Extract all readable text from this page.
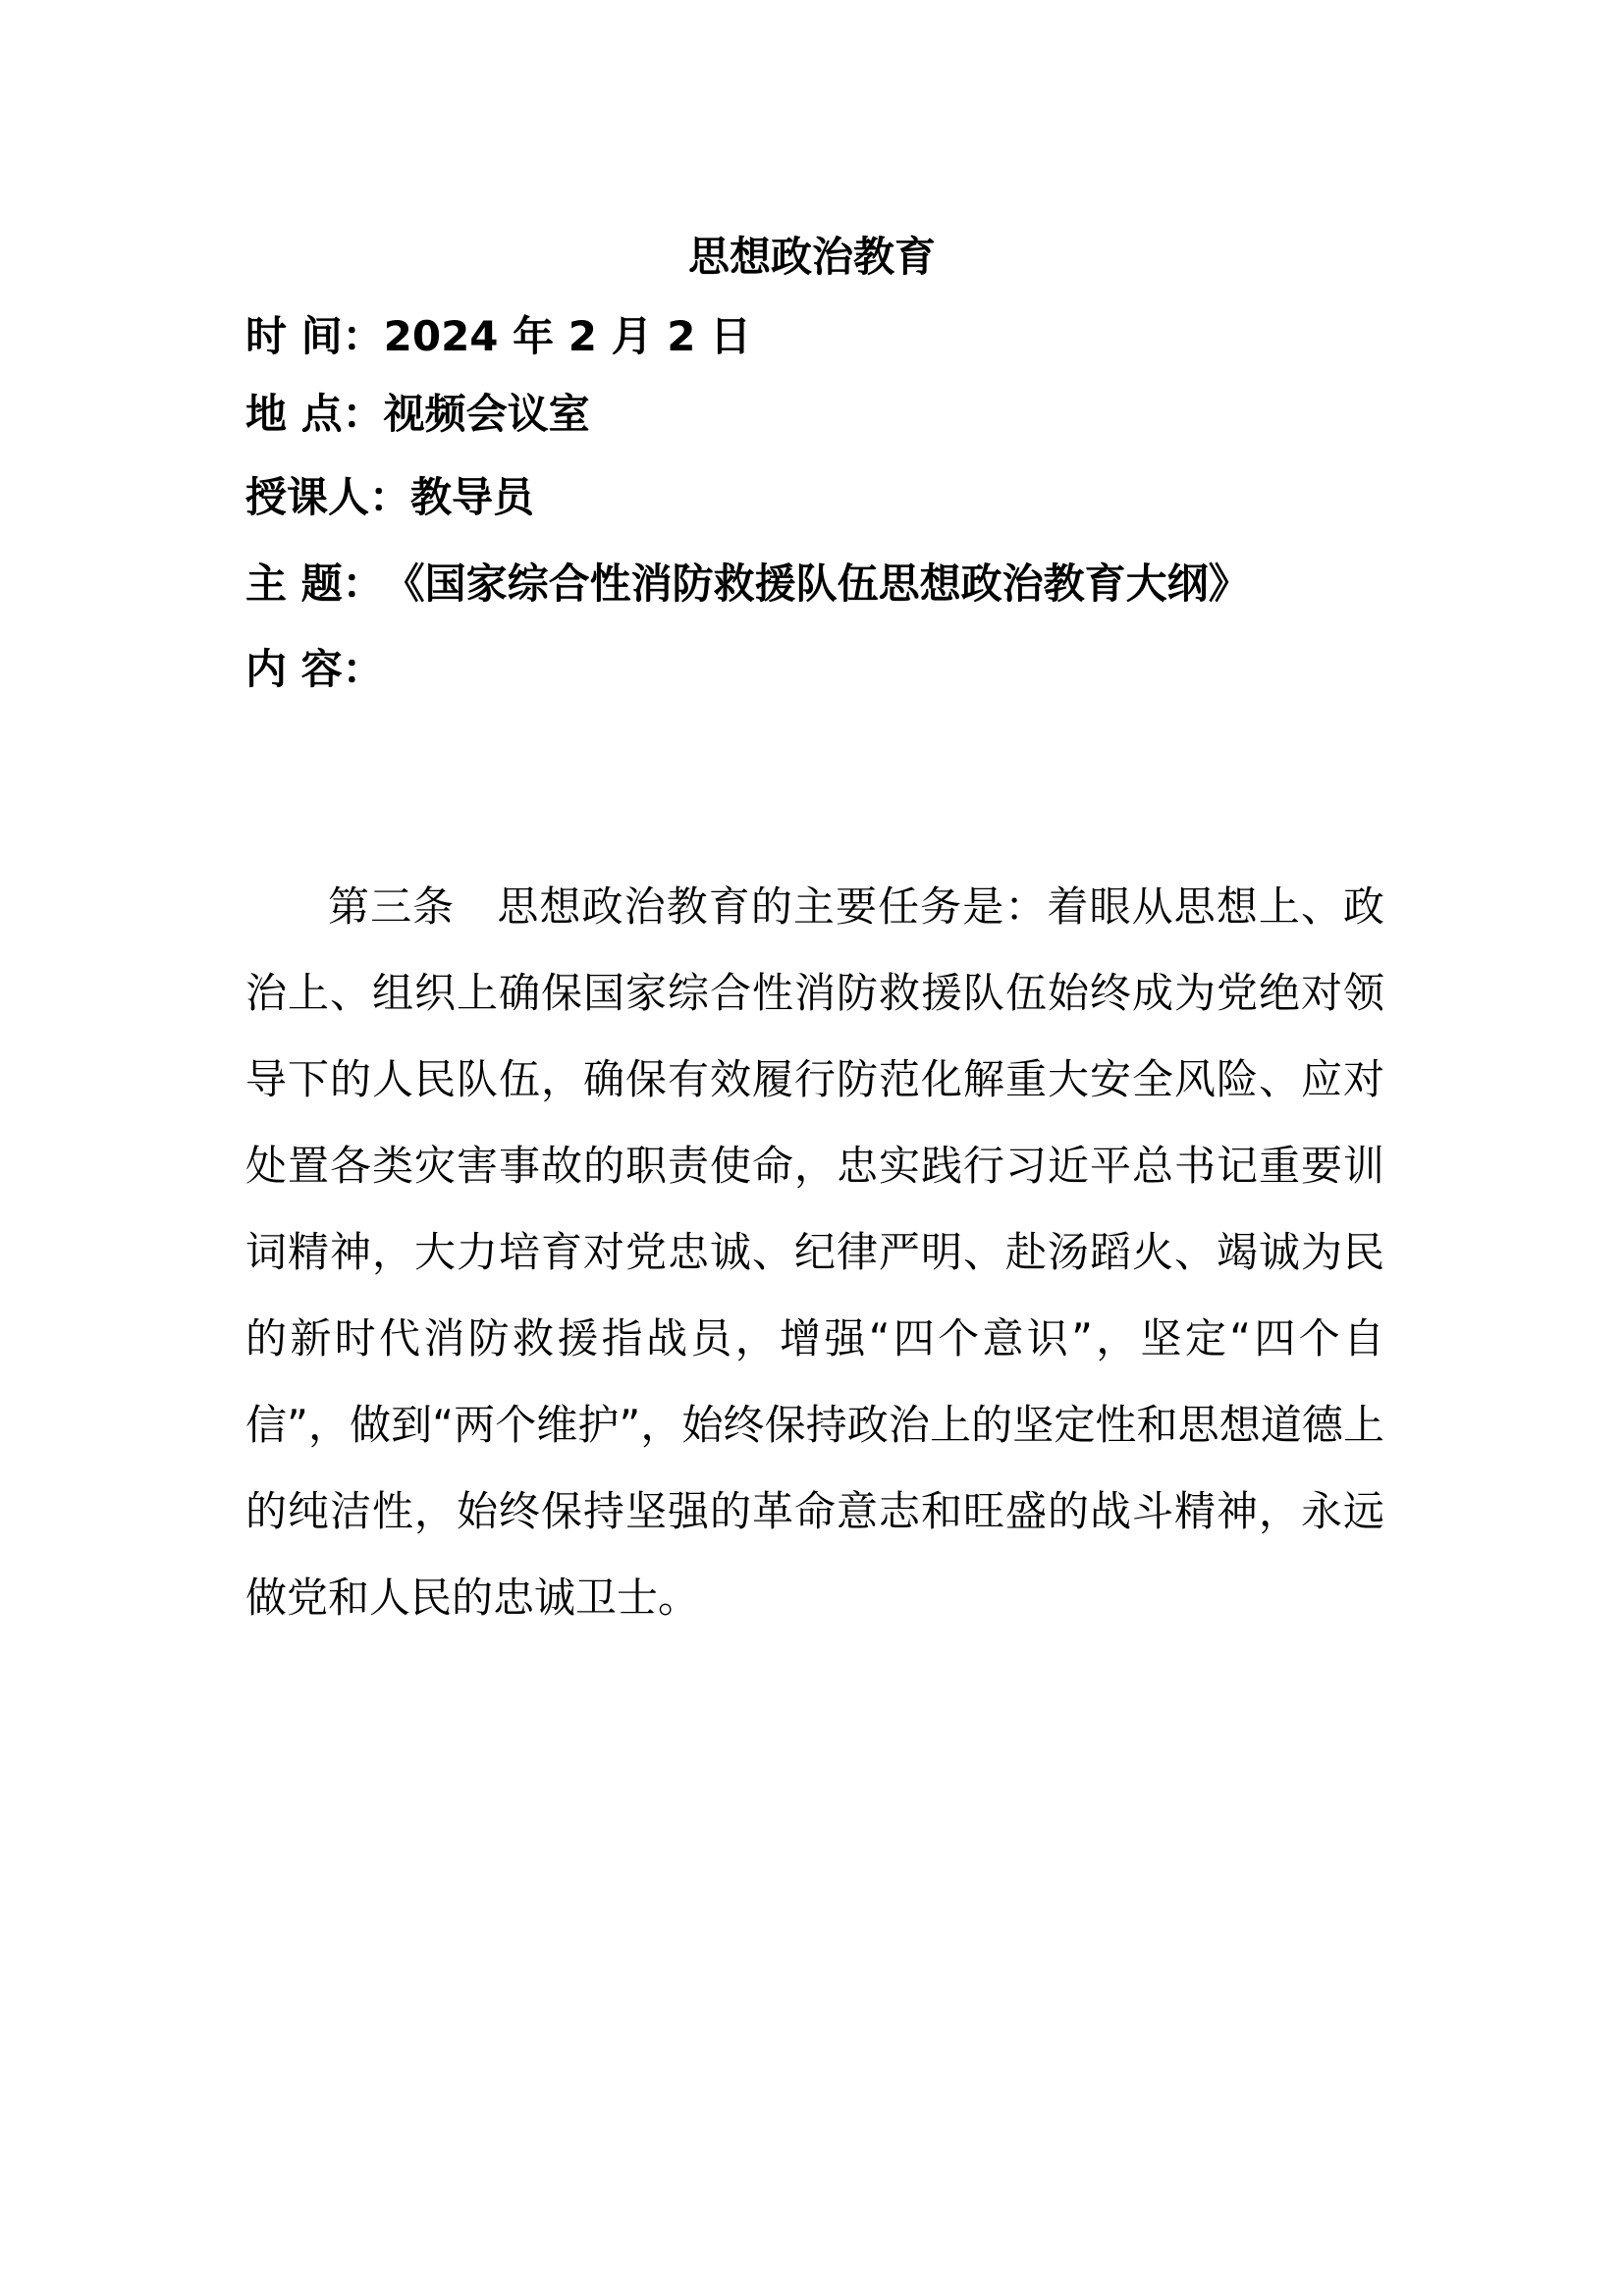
思想政治教育
时 间：2024 年 2 月 2 日
地 点：视频会议室
授课人：教导员
主 题：《国家综合性消防救援队伍思想政治教育大纲》
内 容：

第三条　思想政治教育的主要任务是：着眼从思想上、政治上、组织上确保国家综合性消防救援队伍始终成为党绝对领导下的人民队伍，确保有效履行防范化解重大安全风险、应对处置各类灾害事故的职责使命，忠实践行习近平总书记重要训词精神，大力培育对党忠诚、纪律严明、赴汤蹈火、竭诚为民的新时代消防救援指战员，增强“四个意识”，坚定“四个自信”，做到“两个维护”，始终保持政治上的坚定性和思想道德上的纯洁性，始终保持坚强的革命意志和旺盛的战斗精神，永远做党和人民的忠诚卫士。
